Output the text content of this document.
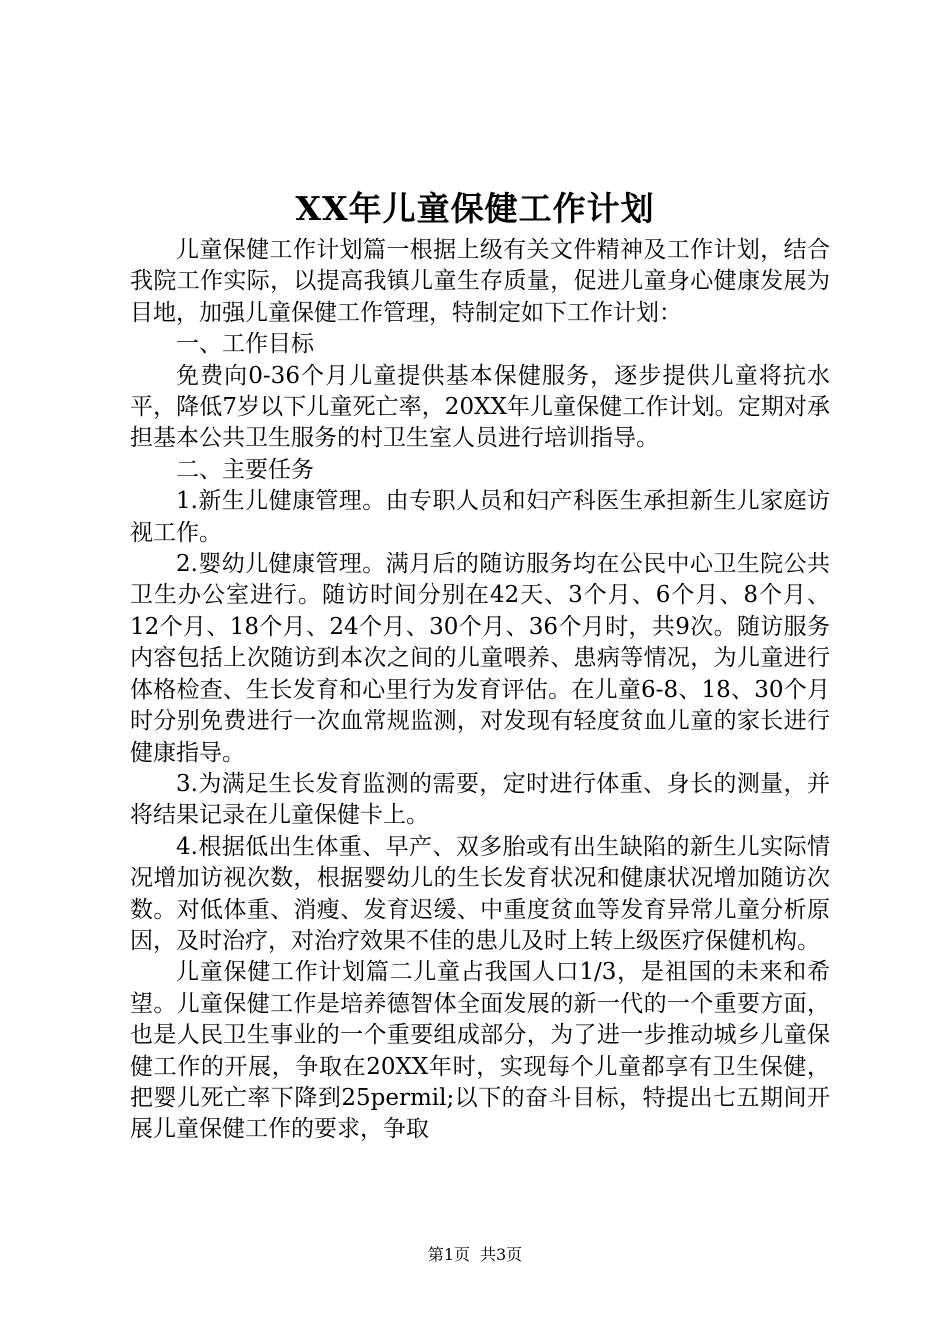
XX年儿童保健工作计划

儿童保健工作计划篇一根据上级有关文件精神及工作计划，结合我院工作实际，以提高我镇儿童生存质量，促进儿童身心健康发展为目地，加强儿童保健工作管理，特制定如下工作计划：

一、工作目标

免费向0-36个月儿童提供基本保健服务，逐步提供儿童将抗水平，降低7岁以下儿童死亡率，20XX年儿童保健工作计划。定期对承担基本公共卫生服务的村卫生室人员进行培训指导。

二、主要任务

1.新生儿健康管理。由专职人员和妇产科医生承担新生儿家庭访视工作。

2.婴幼儿健康管理。满月后的随访服务均在公民中心卫生院公共卫生办公室进行。随访时间分别在42天、3个月、6个月、8个月、12个月、18个月、24个月、30个月、36个月时，共9次。随访服务内容包括上次随访到本次之间的儿童喂养、患病等情况，为儿童进行体格检查、生长发育和心里行为发育评估。在儿童6-8、18、30个月时分别免费进行一次血常规监测，对发现有轻度贫血儿童的家长进行健康指导。

3.为满足生长发育监测的需要，定时进行体重、身长的测量，并将结果记录在儿童保健卡上。

4.根据低出生体重、早产、双多胎或有出生缺陷的新生儿实际情况增加访视次数，根据婴幼儿的生长发育状况和健康状况增加随访次数。对低体重、消瘦、发育迟缓、中重度贫血等发育异常儿童分析原因，及时治疗，对治疗效果不佳的患儿及时上转上级医疗保健机构。

儿童保健工作计划篇二儿童占我国人口1/3，是祖国的未来和希望。儿童保健工作是培养德智体全面发展的新一代的一个重要方面，也是人民卫生事业的一个重要组成部分，为了进一步推动城乡儿童保健工作的开展，争取在20XX年时，实现每个儿童都享有卫生保健，把婴儿死亡率下降到25permil;以下的奋斗目标，特提出七五期间开展儿童保健工作的要求，争取

第1页 共3页
